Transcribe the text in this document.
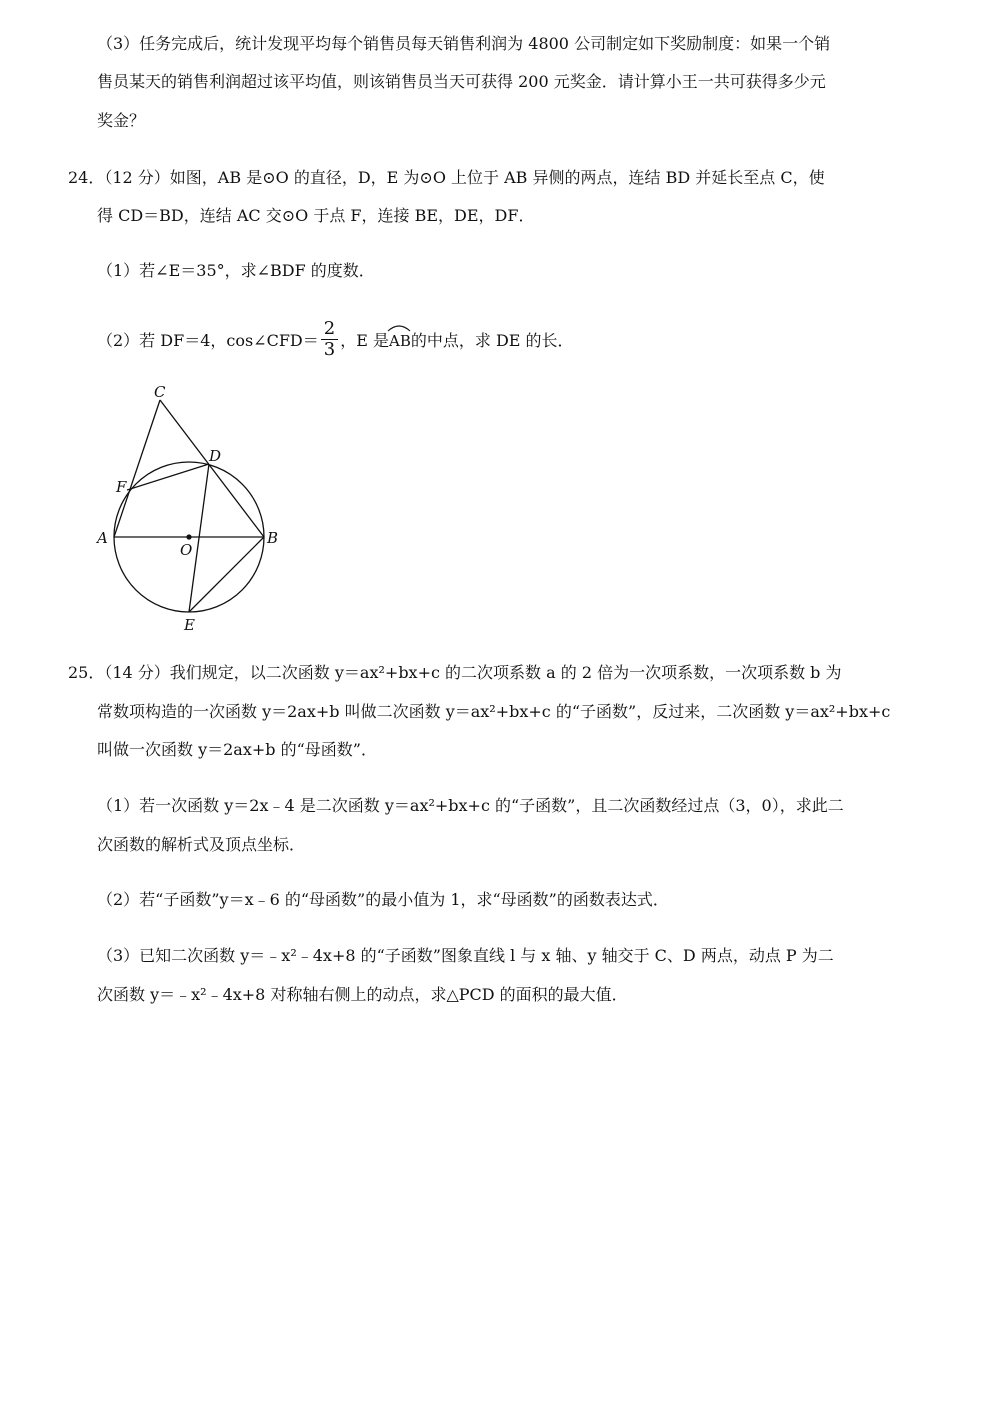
（3）任务完成后，统计发现平均每个销售员每天销售利润为 4800 公司制定如下奖励制度：如果一个销

售员某天的销售利润超过该平均值，则该销售员当天可获得 200 元奖金．请计算小王一共可获得多少元

奖金？

24．（12 分）如图，AB 是⊙O 的直径，D，E 为⊙O 上位于 AB 异侧的两点，连结 BD 并延长至点 C，使

得 CD＝BD，连结 AC 交⊙O 于点 F，连接 BE，DE，DF．

（1）若∠E＝35°，求∠BDF 的度数．

（2）若 DF＝4，cos∠CFD＝ $\frac{2}{3}$ ，E 是
AB的中点，求 DE 的长．

C
D
F
A
O
B
E

25．（14 分）我们规定，以二次函数 y＝ax²+bx+c 的二次项系数 a 的 2 倍为一次项系数，一次项系数 b 为

常数项构造的一次函数 y＝2ax+b 叫做二次函数 y＝ax²+bx+c 的“子函数”，反过来，二次函数 y＝ax²+bx+c

叫做一次函数 y＝2ax+b 的“母函数”．

（1）若一次函数 y＝2x﹣4 是二次函数 y＝ax²+bx+c 的“子函数”，且二次函数经过点（3，0），求此二

次函数的解析式及顶点坐标．

（2）若“子函数”y＝x﹣6 的“母函数”的最小值为 1，求“母函数”的函数表达式．

（3）已知二次函数 y＝﹣x²﹣4x+8 的“子函数”图象直线 l 与 x 轴、y 轴交于 C、D 两点，动点 P 为二

次函数 y＝﹣x²﹣4x+8 对称轴右侧上的动点，求△PCD 的面积的最大值．
